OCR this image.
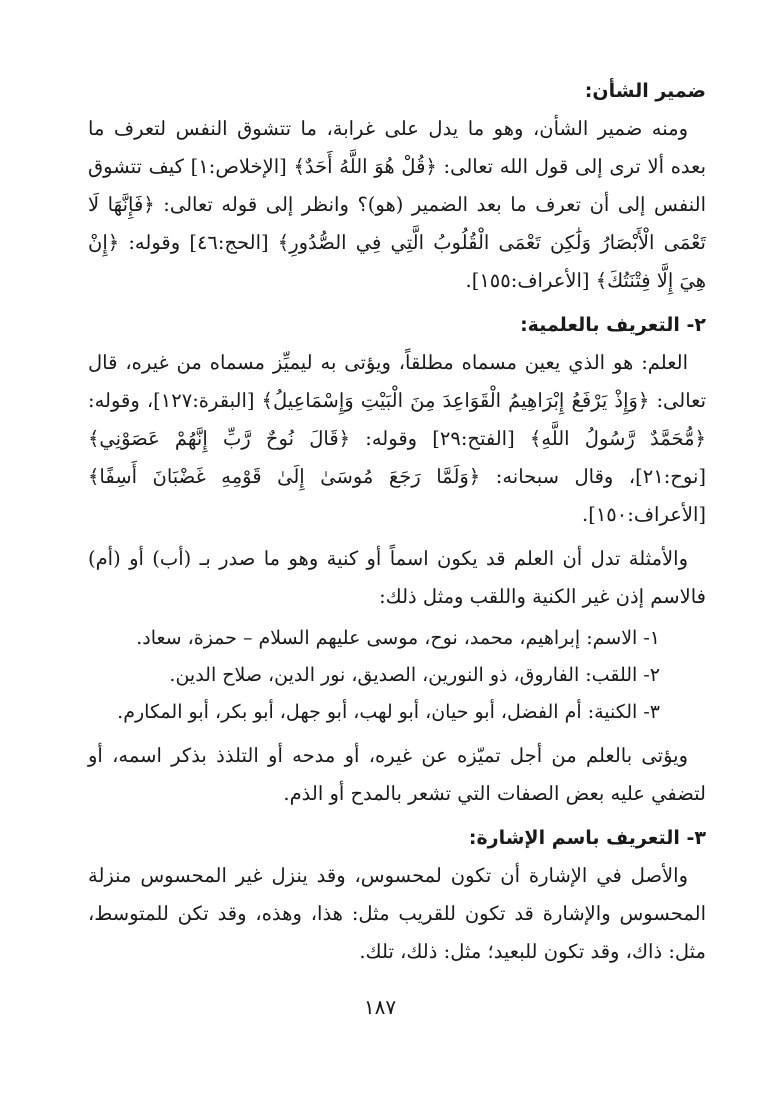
ضمير الشأن:

ومنه ضمير الشأن، وهو ما يدل على غرابة، ما تتشوق النفس لتعرف ما بعده ألا ترى إلى قول الله تعالى: ﴿قُلْ هُوَ اللَّهُ أَحَدٌ﴾ [الإخلاص:١] كيف تتشوق النفس إلى أن تعرف ما بعد الضمير (هو)؟ وانظر إلى قوله تعالى: ﴿فَإِنَّهَا لَا تَعْمَى الْأَبْصَارُ وَلَٰكِن تَعْمَى الْقُلُوبُ الَّتِي فِي الصُّدُورِ﴾ [الحج:٤٦] وقوله: ﴿إِنْ هِيَ إِلَّا فِتْنَتُكَ﴾ [الأعراف:١٥٥].

٢- التعريف بالعلمية:

العلم: هو الذي يعين مسماه مطلقاً، ويؤتى به ليميِّز مسماه من غيره، قال تعالى: ﴿وَإِذْ يَرْفَعُ إِبْرَاهِيمُ الْقَوَاعِدَ مِنَ الْبَيْتِ وَإِسْمَاعِيلُ﴾ [البقرة:١٢٧]، وقوله: ﴿مُّحَمَّدٌ رَّسُولُ اللَّهِ﴾ [الفتح:٢٩] وقوله: ﴿قَالَ نُوحٌ رَّبِّ إِنَّهُمْ عَصَوْنِي﴾ [نوح:٢١]، وقال سبحانه: ﴿وَلَمَّا رَجَعَ مُوسَىٰ إِلَىٰ قَوْمِهِ غَضْبَانَ أَسِفًا﴾ [الأعراف:١٥٠].

والأمثلة تدل أن العلم قد يكون اسماً أو كنية وهو ما صدر بـ (أب) أو (أم) فالاسم إذن غير الكنية واللقب ومثل ذلك:

١- الاسم: إبراهيم، محمد، نوح، موسى عليهم السلام – حمزة، سعاد.
٢- اللقب: الفاروق، ذو النورين، الصديق، نور الدين، صلاح الدين.
٣- الكنية: أم الفضل، أبو حيان، أبو لهب، أبو جهل، أبو بكر، أبو المكارم.

ويؤتى بالعلم من أجل تميّزه عن غيره، أو مدحه أو التلذذ بذكر اسمه، أو لتضفي عليه بعض الصفات التي تشعر بالمدح أو الذم.

٣- التعريف باسم الإشارة:

والأصل في الإشارة أن تكون لمحسوس، وقد ينزل غير المحسوس منزلة المحسوس والإشارة قد تكون للقريب مثل: هذا، وهذه، وقد تكن للمتوسط، مثل: ذاك، وقد تكون للبعيد؛ مثل: ذلك، تلك.

١٨٧
